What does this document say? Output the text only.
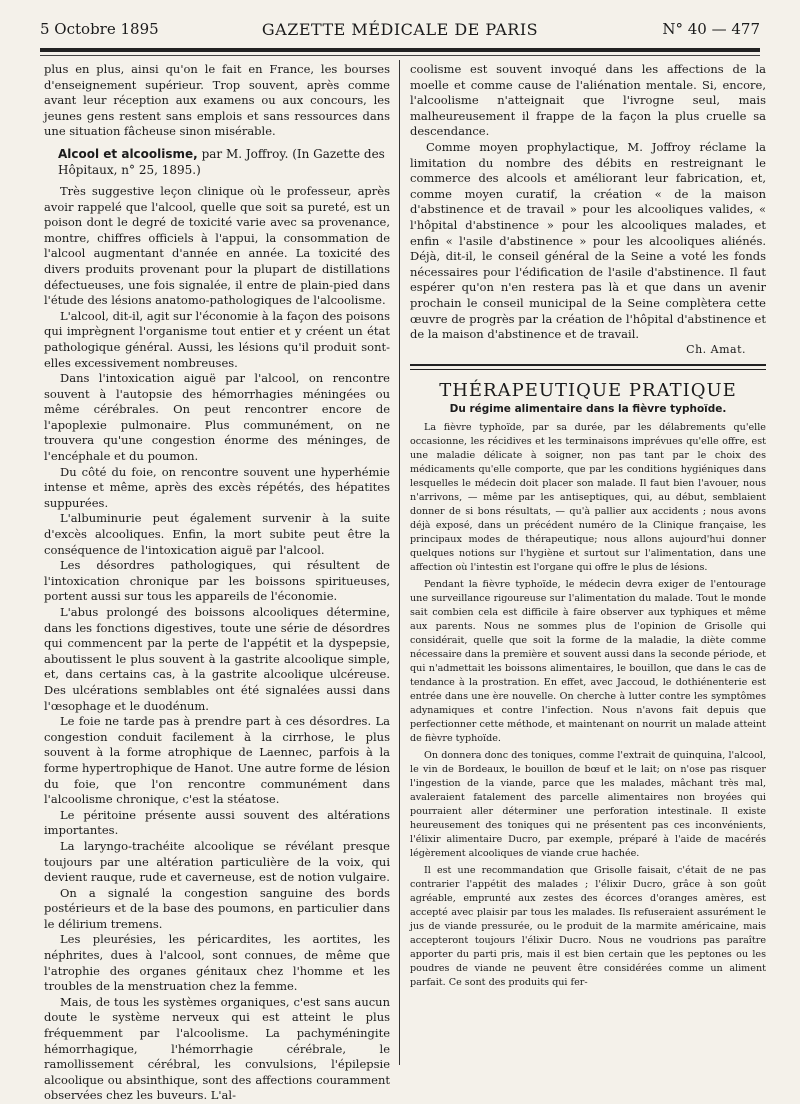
5 Octobre 1895	GAZETTE MÉDICALE DE PARIS	N° 40 — 477

plus en plus, ainsi qu'on le fait en France, les bourses d'enseignement supérieur. Trop souvent, après comme avant leur réception aux examens ou aux concours, les jeunes gens restent sans emplois et sans ressources dans une situation fâcheuse sinon misérable.

Alcool et alcoolisme, par M. Joffroy. (In Gazette des Hôpitaux, n° 25, 1895.)

Très suggestive leçon clinique où le professeur, après avoir rappelé que l'alcool, quelle que soit sa pureté, est un poison dont le degré de toxicité varie avec sa provenance, montre, chiffres officiels à l'appui, la consommation de l'alcool augmentant d'année en année. La toxicité des divers produits provenant pour la plupart de distillations défectueuses, une fois signalée, il entre de plain-pied dans l'étude des lésions anatomo-pathologiques de l'alcoolisme.

L'alcool, dit-il, agit sur l'économie à la façon des poisons qui imprègnent l'organisme tout entier et y créent un état pathologique général. Aussi, les lésions qu'il produit sont-elles excessivement nombreuses.

Dans l'intoxication aiguë par l'alcool, on rencontre souvent à l'autopsie des hémorrhagies méningées ou même cérébrales. On peut rencontrer encore de l'apoplexie pulmonaire. Plus communément, on ne trouvera qu'une congestion énorme des méninges, de l'encéphale et du poumon.

Du côté du foie, on rencontre souvent une hyperhémie intense et même, après des excès répétés, des hépatites suppurées.

L'albuminurie peut également survenir à la suite d'excès alcooliques. Enfin, la mort subite peut être la conséquence de l'intoxication aiguë par l'alcool.

Les désordres pathologiques, qui résultent de l'intoxication chronique par les boissons spiritueuses, portent aussi sur tous les appareils de l'économie.

L'abus prolongé des boissons alcooliques détermine, dans les fonctions digestives, toute une série de désordres qui commencent par la perte de l'appétit et la dyspepsie, aboutissent le plus souvent à la gastrite alcoolique simple, et, dans certains cas, à la gastrite alcoolique ulcéreuse. Des ulcérations semblables ont été signalées aussi dans l'œsophage et le duodénum.

Le foie ne tarde pas à prendre part à ces désordres. La congestion conduit facilement à la cirrhose, le plus souvent à la forme atrophique de Laennec, parfois à la forme hypertrophique de Hanot. Une autre forme de lésion du foie, que l'on rencontre communément dans l'alcoolisme chronique, c'est la stéatose.

Le péritoine présente aussi souvent des altérations importantes.

La laryngo-trachéite alcoolique se révélant presque toujours par une altération particulière de la voix, qui devient rauque, rude et caverneuse, est de notion vulgaire.

On a signalé la congestion sanguine des bords postérieurs et de la base des poumons, en particulier dans le délirium tremens.

Les pleurésies, les péricardites, les aortites, les néphrites, dues à l'alcool, sont connues, de même que l'atrophie des organes génitaux chez l'homme et les troubles de la menstruation chez la femme.

Mais, de tous les systèmes organiques, c'est sans aucun doute le système nerveux qui est atteint le plus fréquemment par l'alcoolisme. La pachyméningite hémorrhagique, l'hémorrhagie cérébrale, le ramollissement cérébral, les convulsions, l'épilepsie alcoolique ou absinthique, sont des affections couramment observées chez les buveurs. L'al-

coolisme est souvent invoqué dans les affections de la moelle et comme cause de l'aliénation mentale. Si, encore, l'alcoolisme n'atteignait que l'ivrogne seul, mais malheureusement il frappe de la façon la plus cruelle sa descendance.

Comme moyen prophylactique, M. Joffroy réclame la limitation du nombre des débits en restreignant le commerce des alcools et améliorant leur fabrication, et, comme moyen curatif, la création « de la maison d'abstinence et de travail » pour les alcooliques valides, « l'hôpital d'abstinence » pour les alcooliques malades, et enfin « l'asile d'abstinence » pour les alcooliques aliénés. Déjà, dit-il, le conseil général de la Seine a voté les fonds nécessaires pour l'édification de l'asile d'abstinence. Il faut espérer qu'on n'en restera pas là et que dans un avenir prochain le conseil municipal de la Seine complètera cette œuvre de progrès par la création de l'hôpital d'abstinence et de la maison d'abstinence et de travail.

Ch. Amat.
THÉRAPEUTIQUE PRATIQUE
Du régime alimentaire dans la fièvre typhoïde.

La fièvre typhoïde, par sa durée, par les délabrements qu'elle occasionne, les récidives et les terminaisons imprévues qu'elle offre, est une maladie délicate à soigner, non pas tant par le choix des médicaments qu'elle comporte, que par les conditions hygiéniques dans lesquelles le médecin doit placer son malade. Il faut bien l'avouer, nous n'arrivons, — même par les antiseptiques, qui, au début, semblaient donner de si bons résultats, — qu'à pallier aux accidents ; nous avons déjà exposé, dans un précédent numéro de la Clinique française, les principaux modes de thérapeutique; nous allons aujourd'hui donner quelques notions sur l'hygiène et surtout sur l'alimentation, dans une affection où l'intestin est l'organe qui offre le plus de lésions.

Pendant la fièvre typhoïde, le médecin devra exiger de l'entourage une surveillance rigoureuse sur l'alimentation du malade. Tout le monde sait combien cela est difficile à faire observer aux typhiques et même aux parents. Nous ne sommes plus de l'opinion de Grisolle qui considérait, quelle que soit la forme de la maladie, la diète comme nécessaire dans la première et souvent aussi dans la seconde période, et qui n'admettait les boissons alimentaires, le bouillon, que dans le cas de tendance à la prostration. En effet, avec Jaccoud, le dothiénenterie est entrée dans une ère nouvelle. On cherche à lutter contre les symptômes adynamiques et contre l'infection. Nous n'avons fait depuis que perfectionner cette méthode, et maintenant on nourrit un malade atteint de fièvre typhoïde.

On donnera donc des toniques, comme l'extrait de quinquina, l'alcool, le vin de Bordeaux, le bouillon de bœuf et le lait; on n'ose pas risquer l'ingestion de la viande, parce que les malades, mâchant très mal, avaleraient fatalement des parcelle alimentaires non broyées qui pourraient aller déterminer une perforation intestinale. Il existe heureusement des toniques qui ne présentent pas ces inconvénients, l'élixir alimentaire Ducro, par exemple, préparé à l'aide de macérés légèrement alcooliques de viande crue hachée.

Il est une recommandation que Grisolle faisait, c'était de ne pas contrarier l'appétit des malades ; l'élixir Ducro, grâce à son goût agréable, emprunté aux zestes des écorces d'oranges amères, est accepté avec plaisir par tous les malades. Ils refuseraient assurément le jus de viande pressurée, ou le produit de la marmite américaine, mais accepteront toujours l'élixir Ducro. Nous ne voudrions pas paraître apporter du parti pris, mais il est bien certain que les peptones ou les poudres de viande ne peuvent être considérées comme un aliment parfait. Ce sont des produits qui fer-
